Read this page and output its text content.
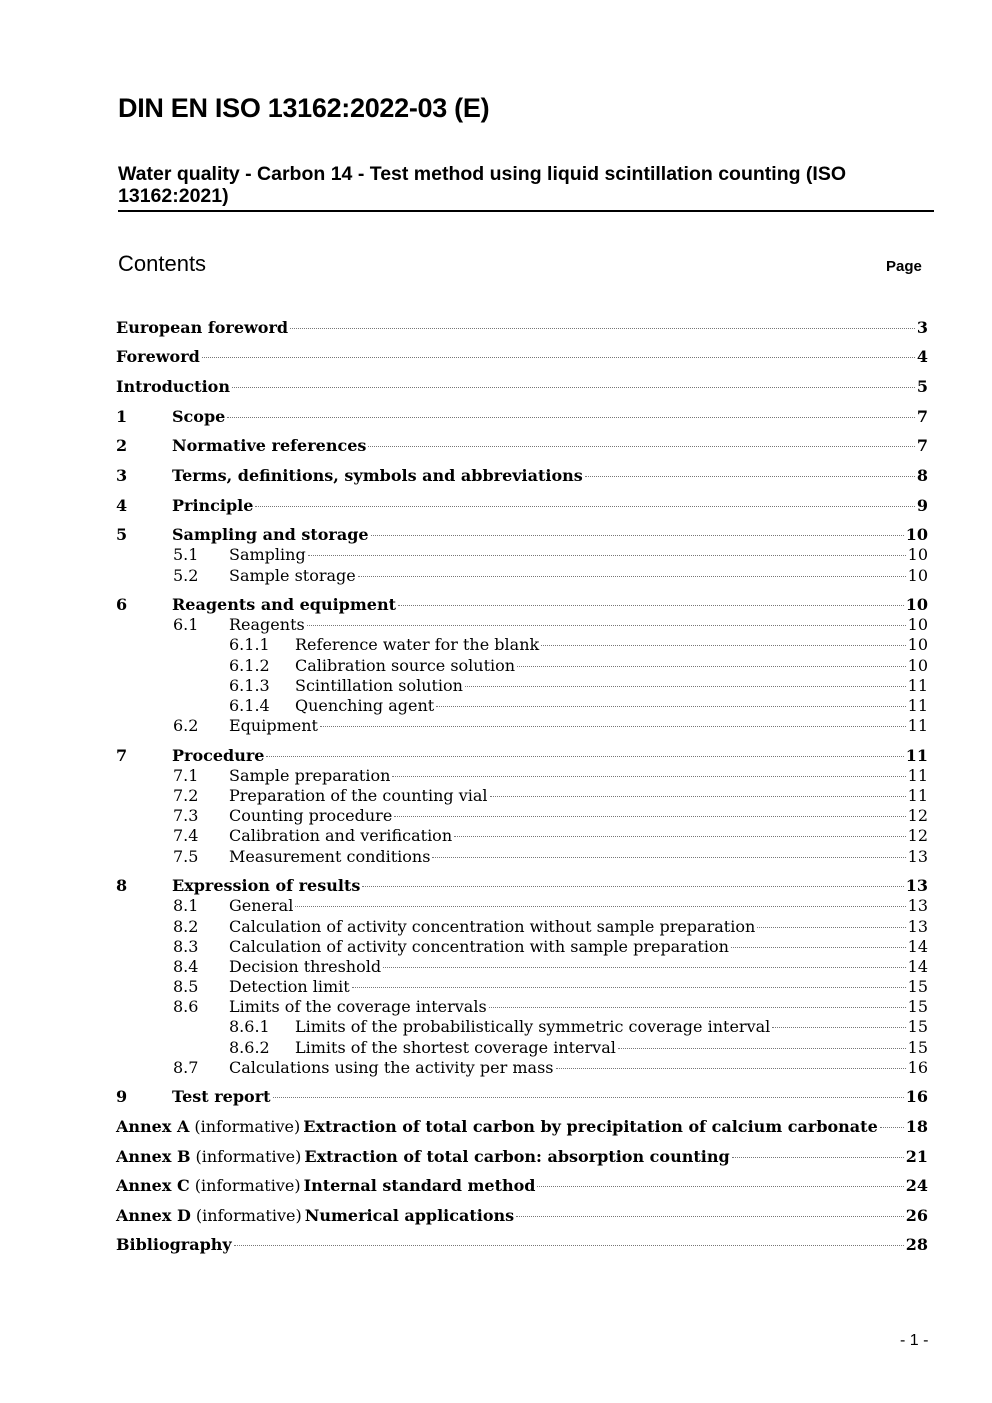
DIN EN ISO 13162:2022-03 (E)
Water quality - Carbon 14 - Test method using liquid scintillation counting (ISO 13162:2021)
Contents	Page
European foreword	3
Foreword	4
Introduction	5
1	Scope	7
2	Normative references	7
3	Terms, definitions, symbols and abbreviations	8
4	Principle	9
5	Sampling and storage	10
5.1 Sampling	10
5.2 Sample storage	10
6	Reagents and equipment	10
6.1 Reagents	10
6.1.1 Reference water for the blank	10
6.1.2 Calibration source solution	10
6.1.3 Scintillation solution	11
6.1.4 Quenching agent	11
6.2 Equipment	11
7	Procedure	11
7.1 Sample preparation	11
7.2 Preparation of the counting vial	11
7.3 Counting procedure	12
7.4 Calibration and verification	12
7.5 Measurement conditions	13
8	Expression of results	13
8.1 General	13
8.2 Calculation of activity concentration without sample preparation	13
8.3 Calculation of activity concentration with sample preparation	14
8.4 Decision threshold	14
8.5 Detection limit	15
8.6 Limits of the coverage intervals	15
8.6.1 Limits of the probabilistically symmetric coverage interval	15
8.6.2 Limits of the shortest coverage interval	15
8.7 Calculations using the activity per mass	16
9	Test report	16
Annex A (informative) Extraction of total carbon by precipitation of calcium carbonate 18
Annex B (informative) Extraction of total carbon: absorption counting	21
Annex C (informative) Internal standard method	24
Annex D (informative) Numerical applications	26
Bibliography	28
- 1 -
